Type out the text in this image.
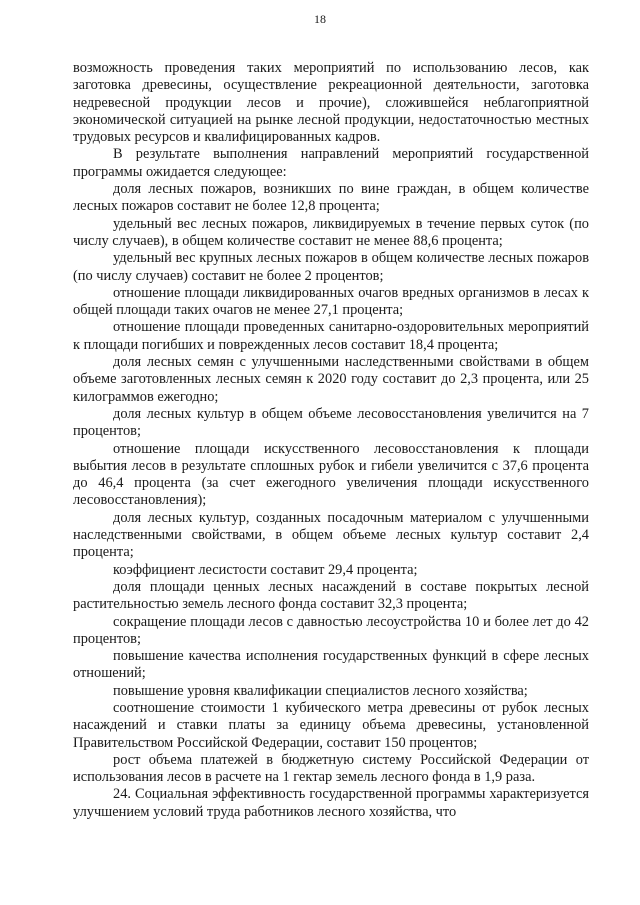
18

возможность проведения таких мероприятий по использованию лесов, как заготовка древесины, осуществление рекреационной деятельности, заготовка недревесной продукции лесов и прочие), сложившейся неблагоприятной экономической ситуацией на рынке лесной продукции, недостаточностью местных трудовых ресурсов и квалифицированных кадров.

В результате выполнения направлений мероприятий государственной программы ожидается следующее:

доля лесных пожаров, возникших по вине граждан, в общем количестве лесных пожаров составит не более 12,8 процента;

удельный вес лесных пожаров, ликвидируемых в течение первых суток (по числу случаев), в общем количестве составит не менее 88,6 процента;

удельный вес крупных лесных пожаров в общем количестве лесных пожаров (по числу случаев) составит не более 2 процентов;

отношение площади ликвидированных очагов вредных организмов в лесах к общей площади таких очагов не менее 27,1 процента;

отношение площади проведенных санитарно-оздоровительных мероприятий к площади погибших и поврежденных лесов составит 18,4 процента;

доля лесных семян с улучшенными наследственными свойствами в общем объеме заготовленных лесных семян к 2020 году составит до 2,3 процента, или 25 килограммов ежегодно;

доля лесных культур в общем объеме лесовосстановления увеличится на 7 процентов;

отношение площади искусственного лесовосстановления к площади выбытия лесов в результате сплошных рубок и гибели увеличится с 37,6 процента до 46,4 процента (за счет ежегодного увеличения площади искусственного лесовосстановления);

доля лесных культур, созданных посадочным материалом с улучшенными наследственными свойствами, в общем объеме лесных культур составит 2,4 процента;

коэффициент лесистости составит 29,4 процента;

доля площади ценных лесных насаждений в составе покрытых лесной растительностью земель лесного фонда составит 32,3 процента;

сокращение площади лесов с давностью лесоустройства 10 и более лет до 42 процентов;

повышение качества исполнения государственных функций в сфере лесных отношений;

повышение уровня квалификации специалистов лесного хозяйства;

соотношение стоимости 1 кубического метра древесины от рубок лесных насаждений и ставки платы за единицу объема древесины, установленной Правительством Российской Федерации, составит 150 процентов;

рост объема платежей в бюджетную систему Российской Федерации от использования лесов в расчете на 1 гектар земель лесного фонда в 1,9 раза.

24. Социальная эффективность государственной программы характеризуется улучшением условий труда работников лесного хозяйства, что
